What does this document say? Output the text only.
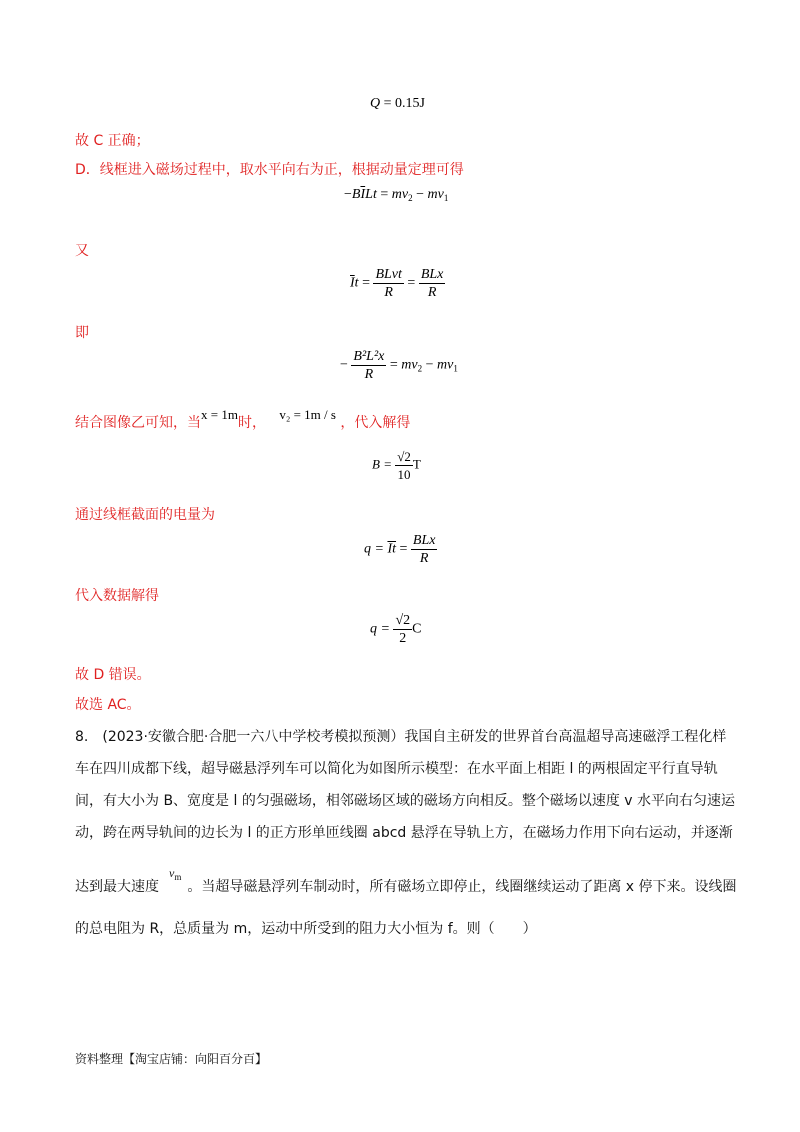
Q = 0.15J
故 C 正确；
D．线框进入磁场过程中，取水平向右为正，根据动量定理可得
$-B\overline{I}Lt = mv_2 - mv_1$
又
$\overline{I}t = \frac{\text{BLvt}}{R} = \frac{\text{BLx}}{R}$
即
− $\frac{\text{B²L²x}}{R} = mv_2 - mv_1$
结合图像乙可知，当x = 1m时，   v₂ = 1m / s ，代入解得
$B = \frac{√2}{10}$ T
通过线框截面的电量为
$q = \overline{It} = \frac{\text{BLx}}{R}$
代入数据解得
$q = \frac{√2}{2}$ C
故 D 错误。
故选 AC。
8.　(2023·安徽合肥·合肥一六八中学校考模拟预测）我国自主研发的世界首台高温超导高速磁浮工程化样
车在四川成都下线，超导磁悬浮列车可以简化为如图所示模型：在水平面上相距 l 的两根固定平行直导轨
间，有大小为 B、宽度是 l 的匀强磁场，相邻磁场区域的磁场方向相反。整个磁场以速度 v 水平向右匀速运
动，跨在两导轨间的边长为 l 的正方形单匝线圈 abcd 悬浮在导轨上方，在磁场力作用下向右运动，并逐渐
达到最大速度$v_m$。当超导磁悬浮列车制动时，所有磁场立即停止，线圈继续运动了距离 x 停下来。设线圈
的总电阻为 R，总质量为 m，运动中所受到的阻力大小恒为 f。则（　　）
资料整理【淘宝店铺：向阳百分百】
